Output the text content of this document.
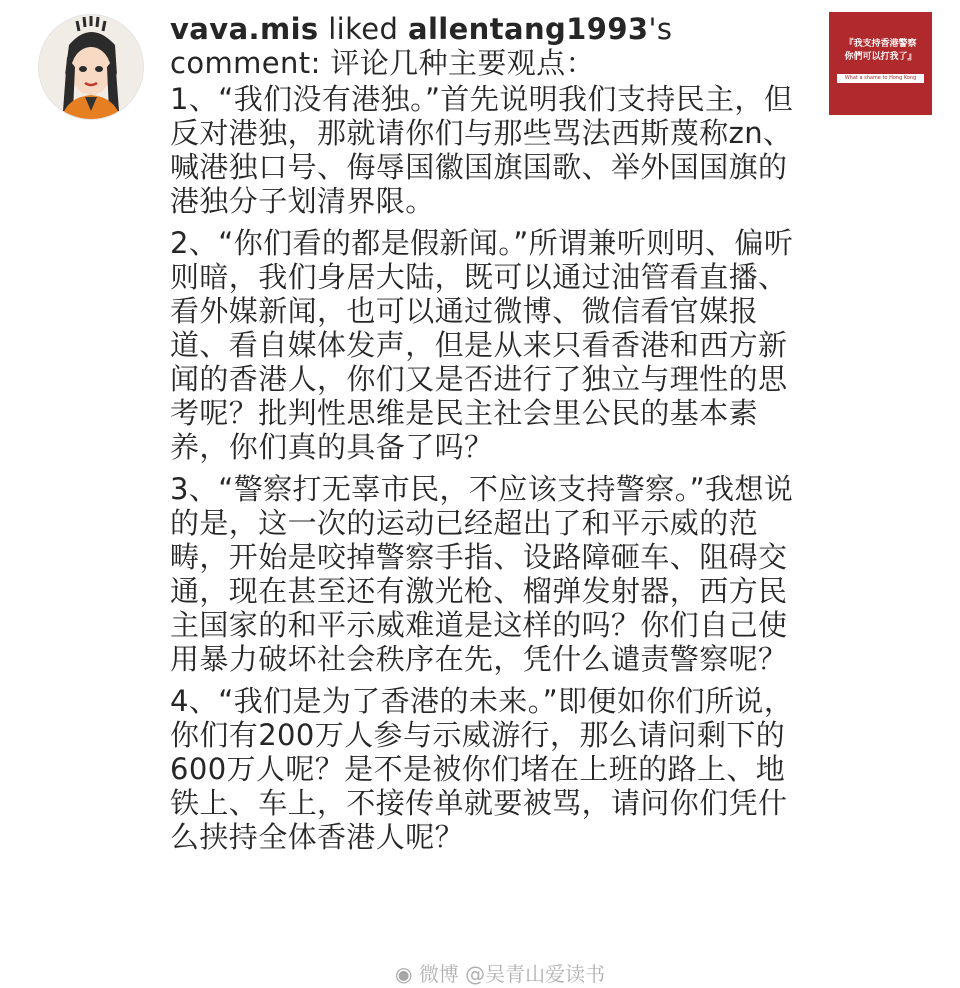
vava.mis liked allentang1993's comment: 评论几种主要观点：

1、“我们没有港独。”首先说明我们支持民主，但反对港独，那就请你们与那些骂法西斯蔑称zn、喊港独口号、侮辱国徽国旗国歌、举外国国旗的港独分子划清界限。

2、“你们看的都是假新闻。”所谓兼听则明、偏听则暗，我们身居大陆，既可以通过油管看直播、看外媒新闻，也可以通过微博、微信看官媒报道、看自媒体发声，但是从来只看香港和西方新闻的香港人，你们又是否进行了独立与理性的思考呢？批判性思维是民主社会里公民的基本素养，你们真的具备了吗？

3、“警察打无辜市民，不应该支持警察。”我想说的是，这一次的运动已经超出了和平示威的范畴，开始是咬掉警察手指、设路障砸车、阻碍交通，现在甚至还有激光枪、榴弹发射器，西方民主国家的和平示威难道是这样的吗？你们自己使用暴力破坏社会秩序在先，凭什么谴责警察呢？

4、“我们是为了香港的未来。”即便如你们所说，你们有200万人参与示威游行，那么请问剩下的600万人呢？是不是被你们堵在上班的路上、地铁上、车上，不接传单就要被骂，请问你们凭什么挟持全体香港人呢？

『我支持香港警察
你們可以打我了』
What a shame to Hong Kong
◉ 微博 @吴青山爱读书
